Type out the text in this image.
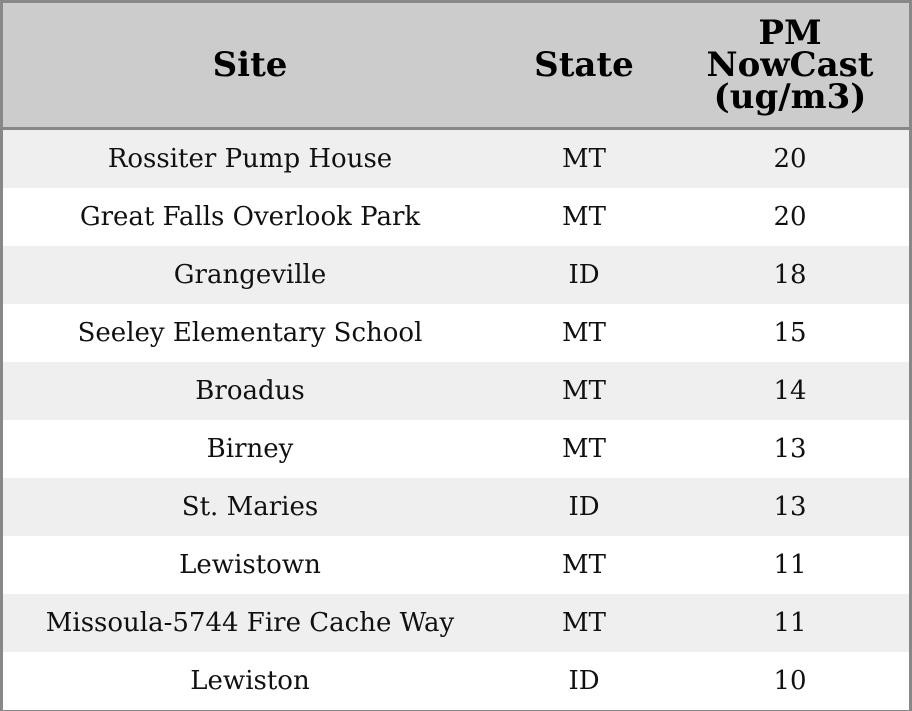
Site	State	PM
NowCast
(ug/m3)

Rossiter Pump House	MT	20
Great Falls Overlook Park	MT	20
Grangeville	ID	18
Seeley Elementary School	MT	15
Broadus	MT	14
Birney	MT	13
St. Maries	ID	13
Lewistown	MT	11
Missoula-5744 Fire Cache Way	MT	11
Lewiston	ID	10
